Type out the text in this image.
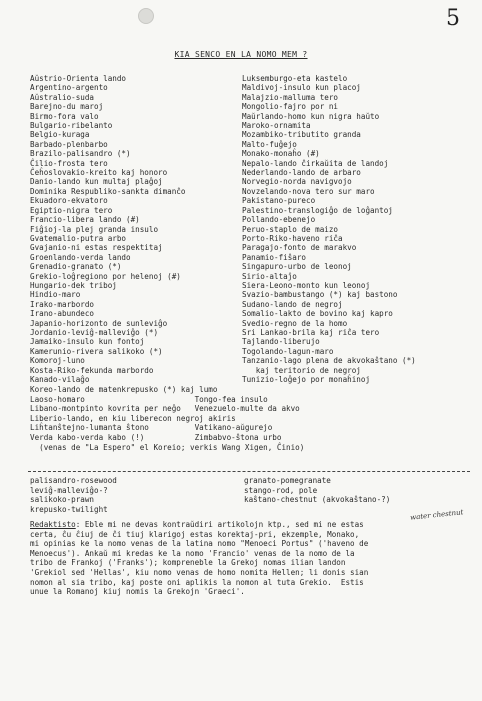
5
KIA SENCO EN LA NOMO MEM ?
Aŭstrio-Orienta lando
Argentino-argento
Aŭstralio-suda
Barejno-du maroj
Birmo-fora valo
Bulgario-ribelanto
Belgio-kuraga
Barbado-plenbarbo
Brazilo-palisandro (*)
Ĉilio-frosta tero
Ĉeĥoslovakio-kreito kaj honoro
Danio-lando kun multaj plaĝoj
Dominika Respubliko-sankta dimanĉo
Ekuadoro-ekvatoro
Egiptio-nigra tero
Francio-libera lando (#)
Fiĝioj-la plej granda insulo
Gvatemalio-putra arbo
Gvajanio-ni estas respektitaj
Groenlando-verda lando
Grenadio-granato (*)
Grekio-loĝregiono por helenoj (#)
Hungario-dek triboj
Hindio-maro
Irako-marbordo
Irano-abundeco
Japanio-horizonto de sunleviĝo
Jordanio-leviĝ-malleviĝo (*)
Jamaiko-insulo kun fontoj
Kamerunio-rivera salikoko (*)
Komoroj-luno
Kosta-Riko-fekunda marbordo
Kanado-vilaĝo
Luksemburgo-eta kastelo
Maldivoj-insulo kun placoj
Malajzio-malluma tero
Mongolio-fajro por ni
Maŭrlando-homo kun nigra haŭto
Maroko-ornamita
Mozambiko-tributito granda
Malto-fuĝejo
Monako-monaĥo (#)
Nepalo-lando ĉirkaŭita de landoj
Nederlando-lando de arbaro
Norvegio-norda navigvojo
Novzelando-nova tero sur maro
Pakistano-pureco
Palestino-translogiĝo de loĝantoj
Pollando-ebenejo
Peruo-staplo de maizo
Porto-Riko-haveno riĉa
Paragajo-fonto de marakvo
Panamio-fiŝaro
Singapuro-urbo de leonoj
Sirio-altaĵo
Siera-Leono-monto kun leonoj
Svazio-bambustango (*) kaj bastono
Sudano-lando de negroj
Somalio-lakto de bovino kaj kapro
Svedio-regno de la homo
Sri Lankao-brila kaj riĉa tero
Tajlando-liberujo
Togolando-lagun-maro
Tanzanio-lago plena de akvokaŝtano (*)
kaj teritorio de negroj
Tunizio-loĝejo por monaĥinoj
Koreo-lando de matenkrepusko (*) kaj lumo
Laoso-homaro                        Tongo-fea insulo
Libano-montpinto kovrita per neĝo   Venezuelo-multe da akvo
Liberio-lando, en kiu liberecon negroj akiris
Liĥtanŝtejno-lumanta ŝtono          Vatikano-aŭgurejo
Verda kabo-verda kabo (!)           Zimbabvo-ŝtona urbo
(venas de "La Espero" el Koreio; verkis Wang Xigen, Ĉinio)
palisandro-rosewood
leviĝ-malleviĝo-?
salikoko-prawn
krepusko-twilight
granato-pomegranate
stango-rod, pole
kaŝtano-chestnut (akvokaŝtano-?)

water chestnut
Redaktisto: Eble mi ne devas kontraŭdiri artikolojn ktp., sed mi ne estas
certa, ĉu ĉiuj de ĉi tiuj klarigoj estas korektaj-pri, ekzemple, Monako,
mi opinias ke la nomo venas de la latina nomo "Menoeci Portus" ('haveno de
Menoecus'). Ankaŭ mi kredas ke la nomo 'Francio' venas de la nomo de la
tribo de Frankoj ('Franks'); kompreneble la Grekoj nomas ilian landon
'Grekiol sed 'Hellas', kiu nomo venas de homo nomita Hellen; li donis sian
nomon al sia tribo, kaj poste oni aplikis la nomon al tuta Grekio.  Estis
unue la Romanoj kiuj nomis la Grekojn 'Graeci'.
